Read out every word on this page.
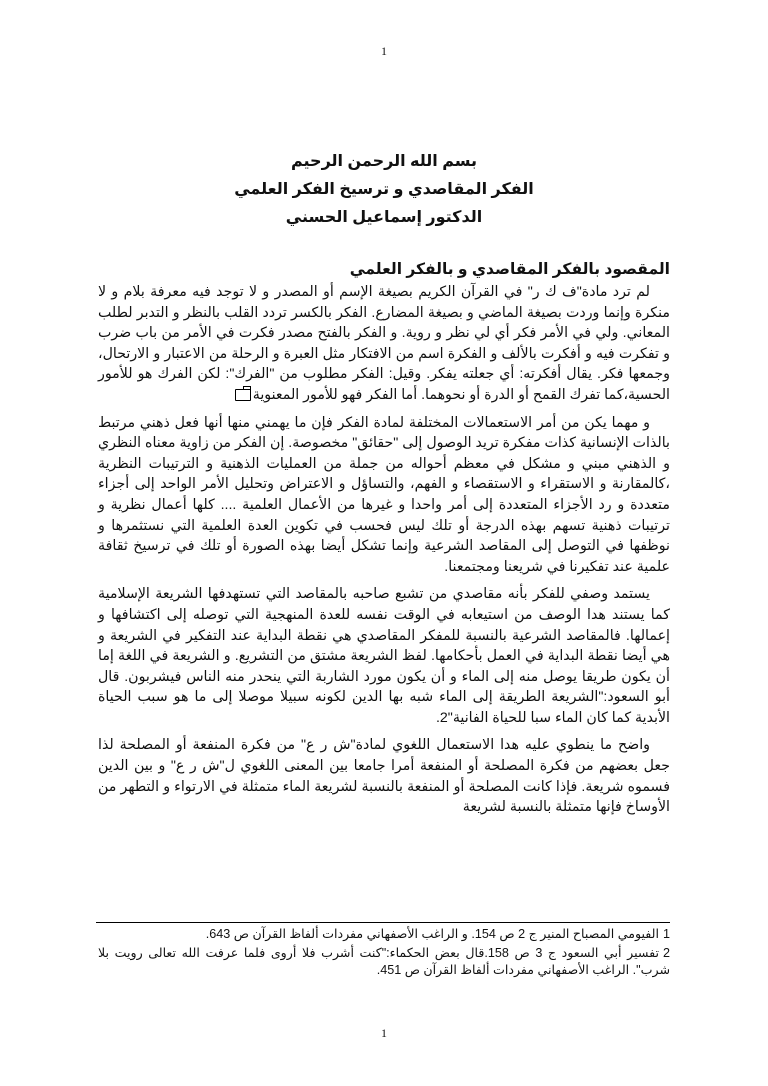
1
بسم الله الرحمن الرحيم
الفكر المقاصدي و ترسيخ الفكر العلمي
الدكتور إسماعيل الحسني
المقصود بالفكر المقاصدي و بالفكر العلمي

لم ترد مادة"ف ك ر" في القرآن الكريم بصيغة الإسم أو المصدر و لا توجد فيه معرفة بلام و لا منكرة وإنما وردت بصيغة الماضي و بصيغة المضارع. الفكر بالكسر تردد القلب بالنظر و التدبر لطلب المعاني. ولي في الأمر فكر أي لي نظر و روية. و الفكر بالفتح مصدر فكرت في الأمر من باب ضرب و تفكرت فيه و أفكرت بالألف و الفكرة اسم من الافتكار مثل العبرة و الرحلة من الاعتبار و الارتحال، وجمعها فكر. يقال أفكرته: أي جعلته يفكر. وقيل: الفكر مطلوب من "الفرك": لكن الفرك هو للأمور الحسية،كما تفرك القمح أو الدرة أو نحوهما. أما الفكر فهو للأمور المعنوية

و مهما يكن من أمر الاستعمالات المختلفة لمادة الفكر فإن ما يهمني منها أنها فعل ذهني مرتبط بالذات الإنسانية كذات مفكرة تريد الوصول إلى "حقائق" مخصوصة. إن الفكر من زاوية معناه النظري و الذهني مبني و مشكل في معظم أحواله من جملة من العمليات الذهنية و الترتيبات النظرية ،كالمقارنة و الاستقراء و الاستقصاء و الفهم، والتساؤل و الاعتراض وتحليل الأمر الواحد إلى أجزاء متعددة و رد الأجزاء المتعددة إلى أمر واحدا و غيرها من الأعمال العلمية .... كلها أعمال نظرية و ترتيبات ذهنية تسهم بهذه الدرجة أو تلك ليس فحسب في تكوين العدة العلمية التي نستثمرها و نوظفها في التوصل إلى المقاصد الشرعية وإنما تشكل أيضا بهذه الصورة أو تلك في ترسيخ ثقافة علمية عند تفكيرنا في شريعنا ومجتمعنا.

يستمد وصفي للفكر بأنه مقاصدي من تشبع صاحبه بالمقاصد التي تستهدفها الشريعة الإسلامية كما يستند هدا الوصف من استيعابه في الوقت نفسه للعدة المنهجية التي توصله إلى اكتشافها و إعمالها. فالمقاصد الشرعية بالنسبة للمفكر المقاصدي هي نقطة البداية عند التفكير في الشريعة و هي أيضا نقطة البداية في العمل بأحكامها. لفظ الشريعة مشتق من التشريع. و الشريعة في اللغة إما أن يكون طريقا يوصل منه إلى الماء و أن يكون مورد الشاربة التي ينحدر منه الناس فيشربون. قال أبو السعود:"الشريعة الطريقة إلى الماء شبه بها الدين لكونه سبيلا موصلا إلى ما هو سبب الحياة الأبدية كما كان الماء سبا للحياة الفانية"2.

واضح ما ينطوي عليه هدا الاستعمال اللغوي لمادة"ش ر ع" من فكرة المنفعة أو المصلحة لذا جعل بعضهم من فكرة المصلحة أو المنفعة أمرا جامعا بين المعنى اللغوي ل"ش ر ع" و بين الدين فسموه شريعة. فإذا كانت المصلحة أو المنفعة بالنسبة لشريعة الماء متمثلة في الارتواء و التطهر من الأوساخ فإنها متمثلة بالنسبة لشريعة

1الفيومي المصباح المنير ج 2 ص 154. و الراغب الأصفهاني مفردات ألفاظ القرآن ص 643.

2تفسير أبي السعود ج 3 ص 158.قال بعض الحكماء:"كنت أشرب فلا أروى فلما عرفت الله تعالى رويت بلا شرب". الراغب الأصفهاني مفردات ألفاظ القرآن ص 451.

1
